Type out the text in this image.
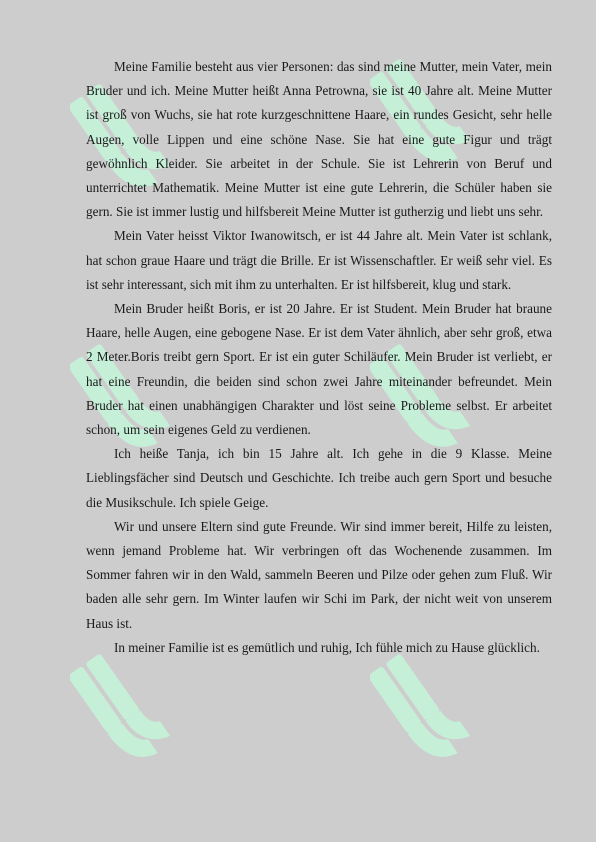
Meine Familie besteht aus vier Personen: das sind meine Mutter, mein Vater, mein Bruder und ich. Meine Mutter heißt Anna Petrowna, sie ist 40 Jahre alt. Meine Mutter ist groß von Wuchs, sie hat rote kurzgeschnittene Haare, ein rundes Gesicht, sehr helle Augen, volle Lippen und eine schöne Nase. Sie hat eine gute Figur und trägt gewöhnlich Kleider. Sie arbeitet in der Schule. Sie ist Lehrerin von Beruf und unterrichtet Mathematik. Meine Mutter ist eine gute Lehrerin, die Schüler haben sie gern. Sie ist immer lustig und hilfsbereit Meine Mutter ist gutherzig und liebt uns sehr.

Mein Vater heisst Viktor Iwanowitsch, er ist 44 Jahre alt. Mein Vater ist schlank, hat schon graue Haare und trägt die Brille. Er ist Wissenschaftler. Er weiß sehr viel. Es ist sehr interessant, sich mit ihm zu unterhalten. Er ist hilfsbereit, klug und stark.

Mein Bruder heißt Boris, er ist 20 Jahre. Er ist Student. Mein Bruder hat braune Haare, helle Augen, eine gebogene Nase. Er ist dem Vater ähnlich, aber sehr groß, etwa 2 Meter.Boris treibt gern Sport. Er ist ein guter Schiläufer. Mein Bruder ist verliebt, er hat eine Freundin, die beiden sind schon zwei Jahre miteinander befreundet. Mein Bruder hat einen unabhängigen Charakter und löst seine Probleme selbst. Er arbeitet schon, um sein eigenes Geld zu verdienen.

Ich heiße Tanja, ich bin 15 Jahre alt. Ich gehe in die 9 Klasse. Meine Lieblingsfächer sind Deutsch und Geschichte. Ich treibe auch gern Sport und besuche die Musikschule. Ich spiele Geige.

Wir und unsere Eltern sind gute Freunde. Wir sind immer bereit, Hilfe zu leisten, wenn jemand Probleme hat. Wir verbringen oft das Wochenende zusammen. Im Sommer fahren wir in den Wald, sammeln Beeren und Pilze oder gehen zum Fluß. Wir baden alle sehr gern. Im Winter laufen wir Schi im Park, der nicht weit von unserem Haus ist.

In meiner Familie ist es gemütlich und ruhig, Ich fühle mich zu Hause glücklich.
